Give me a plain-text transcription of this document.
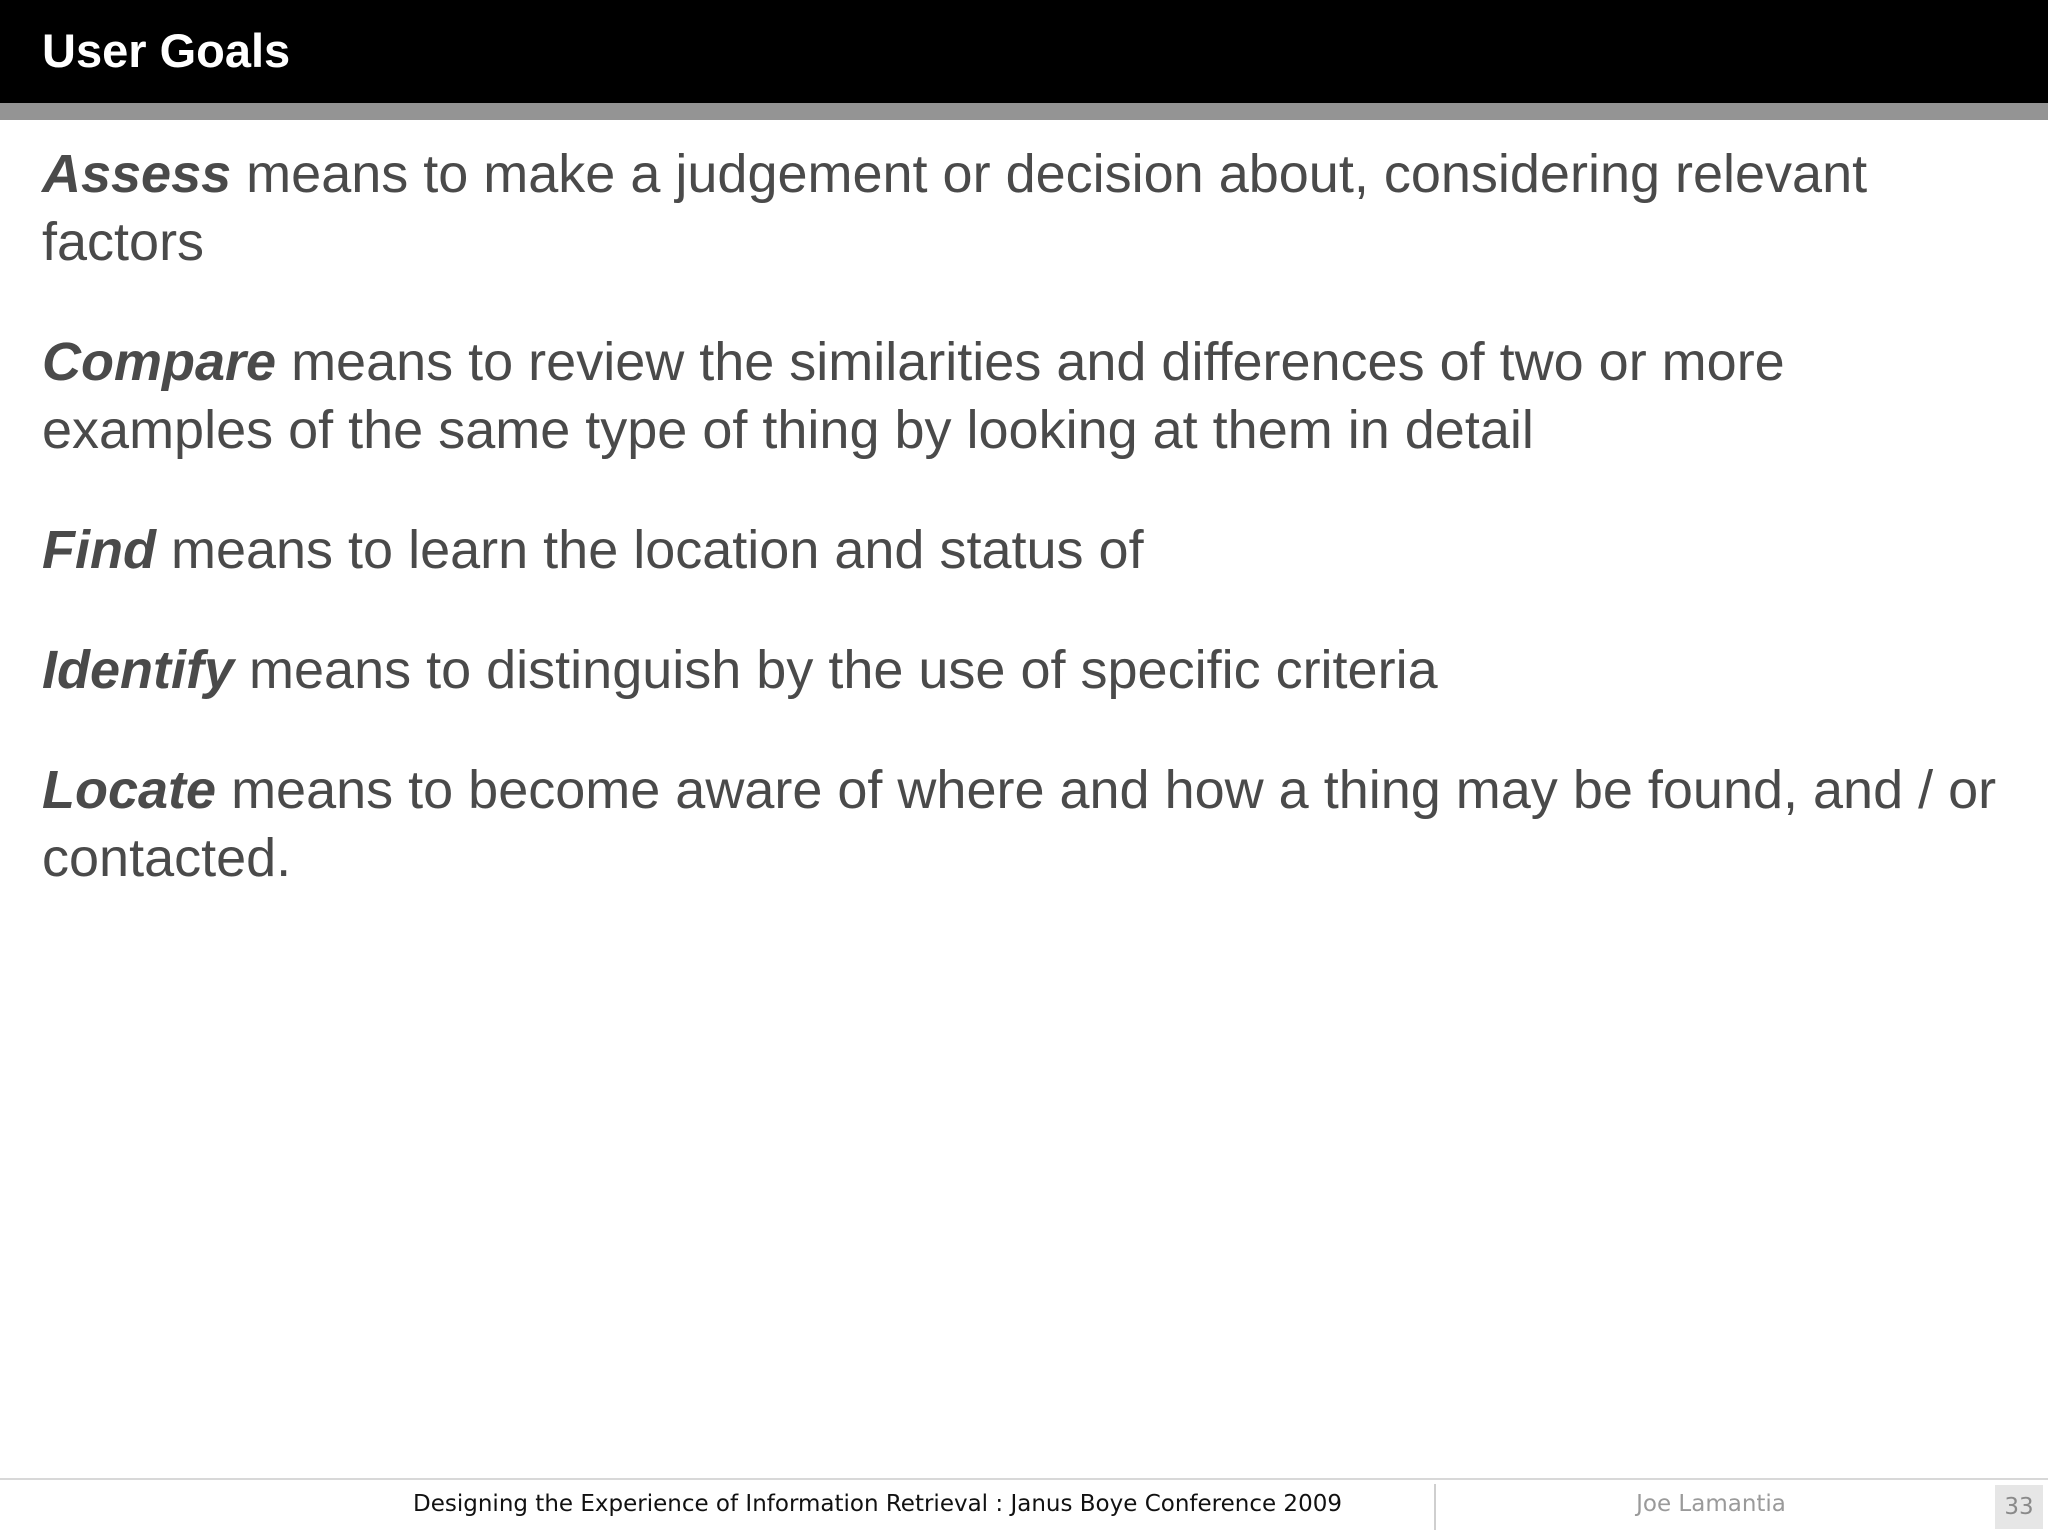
User Goals

Assess means to make a judgement or decision about, considering relevant factors

Compare means to review the similarities and differences of two or more examples of the same type of thing by looking at them in detail

Find means to learn the location and status of

Identify means to distinguish by the use of specific criteria

Locate means to become aware of where and how a thing may be found, and / or contacted.

Designing the Experience of Information Retrieval : Janus Boye Conference 2009	Joe Lamantia	33
